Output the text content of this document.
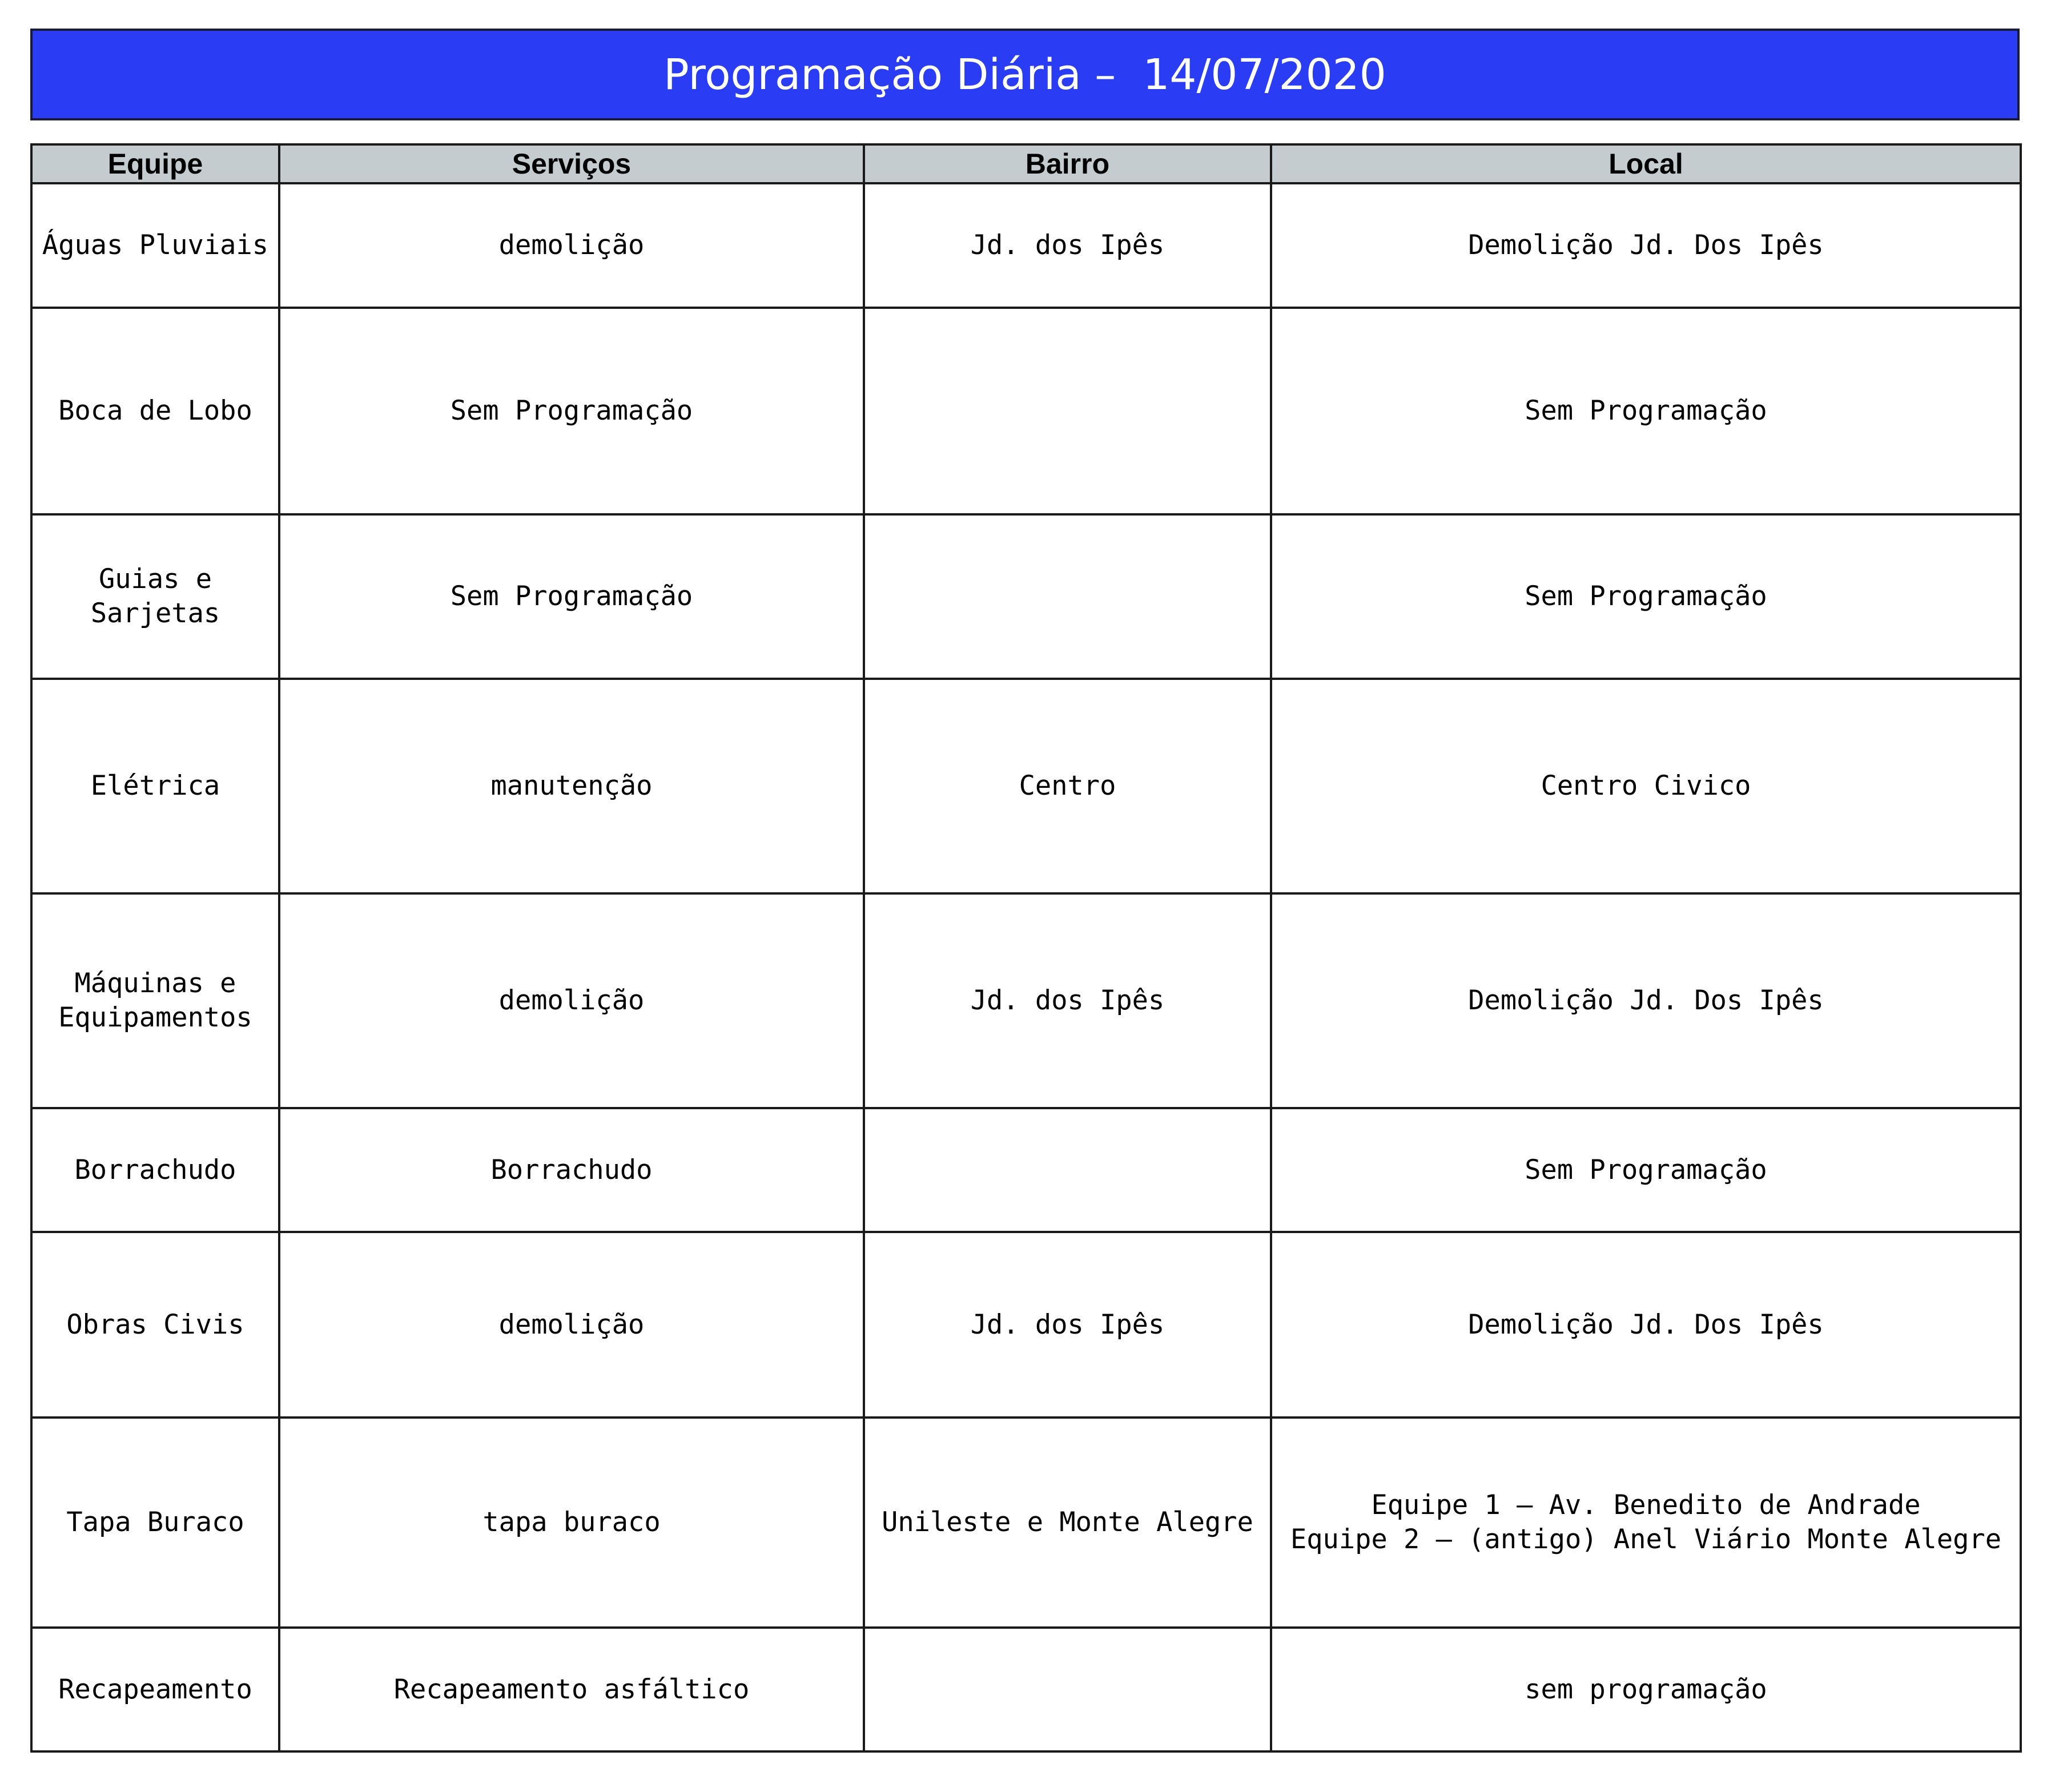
Programação Diária –  14/07/2020
Equipe	Serviços	Bairro	Local
Águas Pluviais	demolição	Jd. dos Ipês	Demolição Jd. Dos Ipês
Boca de Lobo	Sem Programação		Sem Programação
Guias e Sarjetas	Sem Programação		Sem Programação
Elétrica	manutenção	Centro	Centro Civico
Máquinas e
Equipamentos	demolição	Jd. dos Ipês	Demolição Jd. Dos Ipês
Borrachudo	Borrachudo		Sem Programação
Obras Civis	demolição	Jd. dos Ipês	Demolição Jd. Dos Ipês
Tapa Buraco	tapa buraco	Unileste e Monte Alegre	Equipe 1 – Av. Benedito de Andrade
Equipe 2 – (antigo) Anel Viário Monte Alegre
Recapeamento	Recapeamento asfáltico		sem programação
